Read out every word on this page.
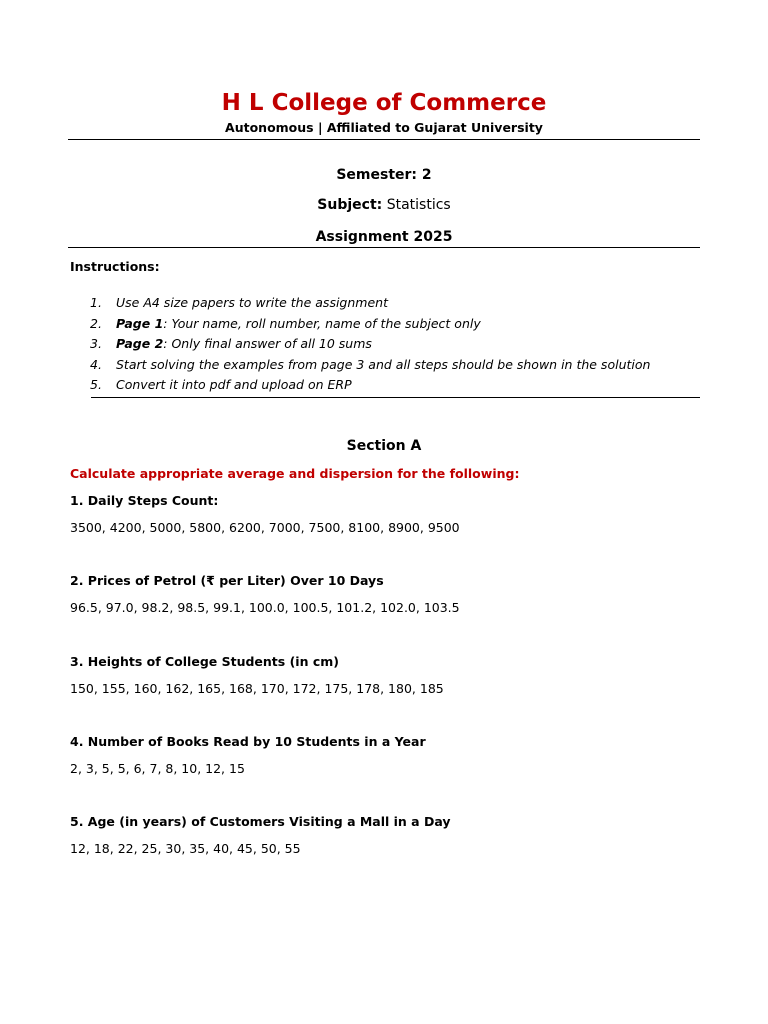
H L College of Commerce
Autonomous | Affiliated to Gujarat University
Semester: 2
Subject: Statistics
Assignment 2025
Instructions:
1.	Use A4 size papers to write the assignment
2.	Page 1 : Your name, roll number, name of the subject only
3.	Page 2 : Only final answer of all 10 sums
4.	Start solving the examples from page 3 and all steps should be shown in the solution
5.	Convert it into pdf and upload on ERP
Section A
Calculate appropriate average and dispersion for the following:
1. Daily Steps Count:
3500, 4200, 5000, 5800, 6200, 7000, 7500, 8100, 8900, 9500
2. Prices of Petrol (₹ per Liter) Over 10 Days
96.5, 97.0, 98.2, 98.5, 99.1, 100.0, 100.5, 101.2, 102.0, 103.5
3. Heights of College Students (in cm)
150, 155, 160, 162, 165, 168, 170, 172, 175, 178, 180, 185
4. Number of Books Read by 10 Students in a Year
2, 3, 5, 5, 6, 7, 8, 10, 12, 15
5. Age (in years) of Customers Visiting a Mall in a Day
12, 18, 22, 25, 30, 35, 40, 45, 50, 55
